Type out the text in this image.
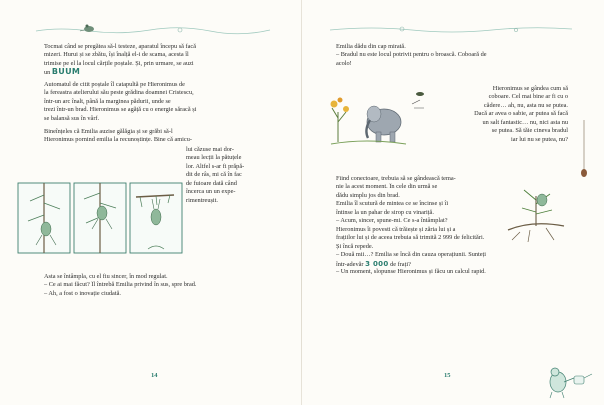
Tocmai când se pregătea să-l testeze, aparatul începu să facă
mizeri. Hurui și se zbătu, își înalță el-i de scama, acesta îl
trimise pe el la locul cărțile poștale. Și, prin urmare, se auzi
un BUUM
Automatul de citit poștale îl catapultă pe Hieronimus de
la fereastra atelierului său peste grădina doamnei Cristescu,
într-un arc înalt, până la marginea pădurii, unde se
trezi într-un brad. Hieronimus se agăță cu o energie săracă și
se balansă sus în vârf.
Bineînțeles că Emilia auzise gălăgia și se grăbi să-l
Hieronimus pornind emilia la recunoștințe. Bine că amicu-
lui căzuse mai dor-
meau lecții la pătuțele
lor. Altfel s-ar fi prăpă-
dit de râs, mi că în fac
de fuioare dată când
încerca un un expe-
rimentreușit.
Asta se întâmpla, cu el fiu sincer, în mod regulat.
– Ce ai mai făcut? Îl întrebă Emilia privind în sus, spre brad.
– Ah, a fost o inovație ciudată.
14
Emilia dădu din cap mirată.
– Bradul nu este locul potrivit pentru o broască. Coboară de
acolo!
Hieronimus se gândea cum să
coboare. Cel mai bine ar fi cu o
cădere… ah, nu, asta nu se putea.
Dacă ar avea o sabie, ar putea să facă
un salt fantastic… nu, nici asta nu
se putea. Să tăie cineva bradul
iar lui nu se putea, nu?
Fiind conectoare, trebuia să se gândească tema-
nie la acest moment. În cele din urmă se
dădu simplu jos din brad.
Emilia îl scutură de mintea ce se încinse și îi
întinse la un pahar de sirop cu vinariță.
– Acum, sincer, spune-mi. Ce s-a întâmplat?
Hieronimus îi povesti că trăiește și zăria lui și a
frațiilor lui și de aceea trebuia să trimită 2 999 de felicitări.
Și încă repede.
– Două mii…? Emilia se încă din cauza operațiunii. Sunteți
într-adevăr 3 000 de frați?
– Un moment, slopunse Hieronimus și făcu un calcul rapid.
15
